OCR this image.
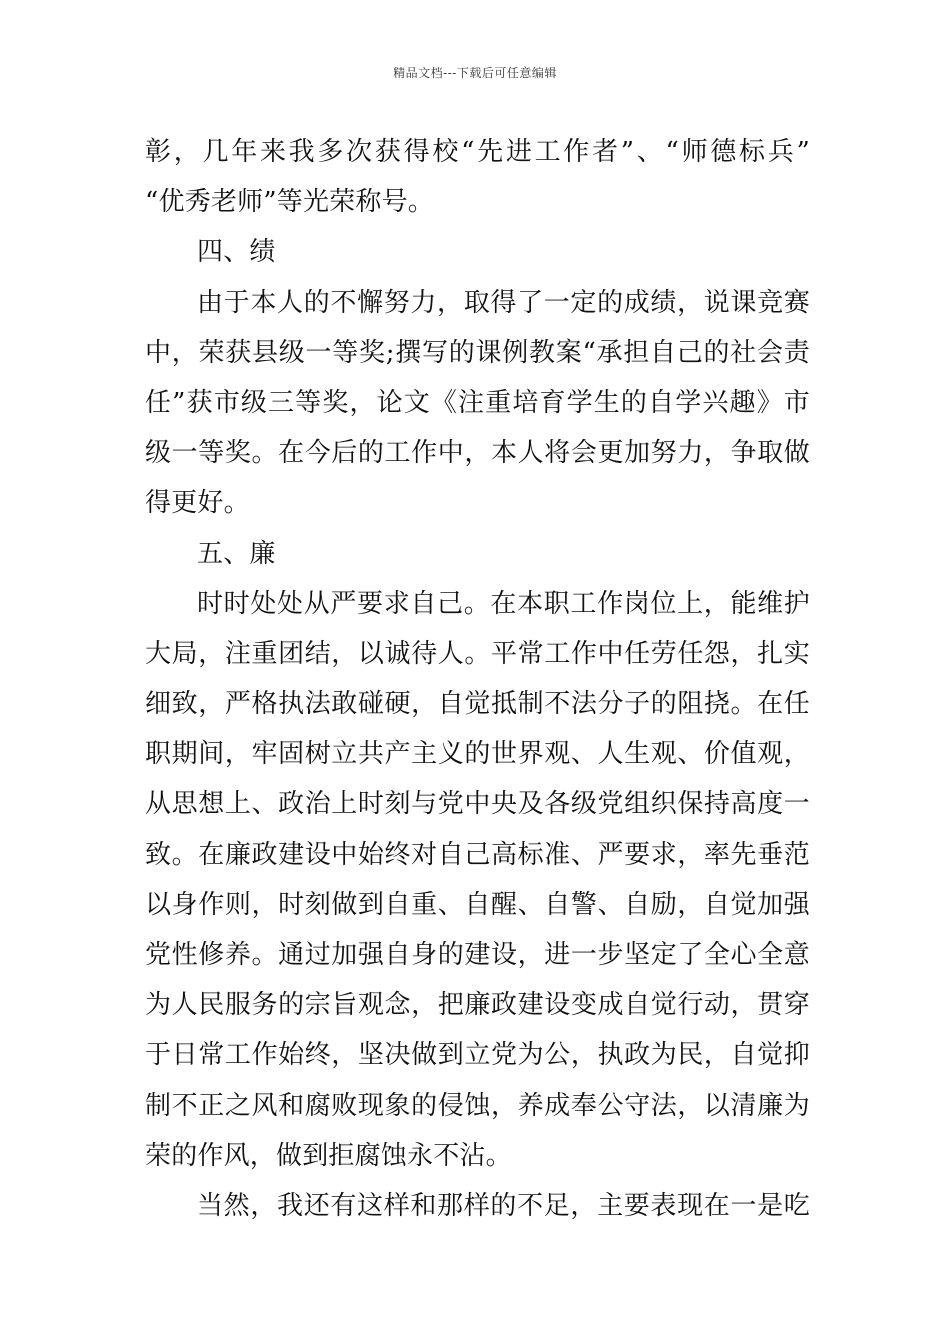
精品文档---下载后可任意编辑
彰，几年来我多次获得校“先进工作者”、“师德标兵”
“优秀老师”等光荣称号。
四、绩
由于本人的不懈努力，取得了一定的成绩，说课竞赛
中，荣获县级一等奖;撰写的课例教案“承担自己的社会责
任”获市级三等奖，论文《注重培育学生的自学兴趣》市
级一等奖。在今后的工作中，本人将会更加努力，争取做
得更好。
五、廉
时时处处从严要求自己。在本职工作岗位上，能维护
大局，注重团结，以诚待人。平常工作中任劳任怨，扎实
细致，严格执法敢碰硬，自觉抵制不法分子的阻挠。在任
职期间，牢固树立共产主义的世界观、人生观、价值观，
从思想上、政治上时刻与党中央及各级党组织保持高度一
致。在廉政建设中始终对自己高标准、严要求，率先垂范
以身作则，时刻做到自重、自醒、自警、自励，自觉加强
党性修养。通过加强自身的建设，进一步坚定了全心全意
为人民服务的宗旨观念，把廉政建设变成自觉行动，贯穿
于日常工作始终，坚决做到立党为公，执政为民，自觉抑
制不正之风和腐败现象的侵蚀，养成奉公守法，以清廉为
荣的作风，做到拒腐蚀永不沾。
当然，我还有这样和那样的不足，主要表现在一是吃
